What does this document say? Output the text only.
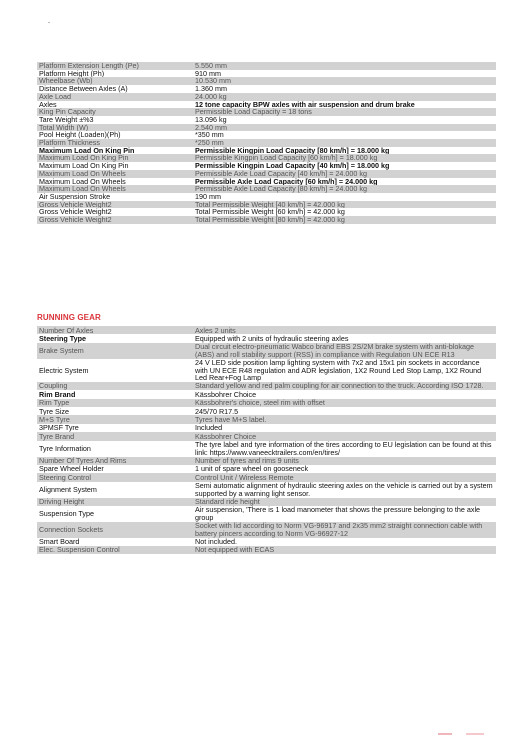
Platform Extension Length (Pe)	5.550 mm
Platform Height (Ph)	910 mm
Wheelbase (Wb)	10.530 mm
Distance Between Axles (A)	1.360 mm
Axle Load	24.000 kg
Axles	12 tone capacity BPW axles with air suspension and drum brake
King Pin Capacity	Permissible Load Capacity = 18 tons
Tare Weight ±%3	13.096 kg
Total Width (W)	2.540 mm
Pool Height (Loaden)(Ph)	*350 mm
Platform Thickness	*250 mm
Maximum Load On King Pin	Permissible Kingpin Load Capacity [80 km/h] = 18.000 kg
Maximum Load On King Pin	Permissible Kingpin Load Capacity [60 km/h] = 18.000 kg
Maximum Load On King Pin	Permissible Kingpin Load Capacity [40 km/h] = 18.000 kg
Maximum Load On Wheels	Permissible Axle Load Capacity [40 km/h] = 24.000 kg
Maximum Load On Wheels	Permissible Axle Load Capacity [60 km/h] = 24.000 kg
Maximum Load On Wheels	Permissible Axle Load Capacity [80 km/h] = 24.000 kg
Air Suspension Stroke	190 mm
Gross Vehicle Weight2	Total Permissible Weight [40 km/h] = 42.000 kg
Gross Vehicle Weight2	Total Permissible Weight [60 km/h] = 42.000 kg
Gross Vehicle Weight2	Total Permissible Weight [80 km/h] = 42.000 kg
RUNNING GEAR
Number Of Axles	Axles 2 units
Steering Type	Equipped with 2 units of hydraulic steering axles
Brake System	Dual circuit electro-pneumatic Wabco brand EBS 2S/2M brake system with anti-blokage (ABS) and roll stability support (RSS) in compliance with Regulation UN ECE R13
Electric System	24 V LED side position lamp lighting system with 7x2 and 15x1 pin sockets in accordance with UN ECE R48 regulation and ADR legislation, 1X2 Round Led Stop Lamp, 1X2 Round Led Rear+Fog Lamp
Coupling	Standard yellow and red palm coupling for air connection to the truck. According ISO 1728.
Rim Brand	Kässbohrer Choice
Rim Type	Kässbohrer's choice, steel rim with offset
Tyre Size	245/70 R17.5
M+S Tyre	Tyres have M+S label.
3PMSF Tyre	Included
Tyre Brand	Kässbohrer Choice
Tyre Information	The tyre label and tyre information of the tires according to EU legislation can be found at this link: https://www.vaneecktrailers.com/en/tires/
Number Of Tyres And Rims	Number of tyres and rims 9 units
Spare Wheel Holder	1 unit of spare wheel on gooseneck
Steering Control	Control Unit / Wireless Remote
Alignment System	Semi automatic alignment of hydraulic steering axles on the vehicle is carried out by a system supported by a warning light sensor.
Driving Height	Standard ride height
Suspension Type	Air suspension, 'There is 1 load manometer that shows the pressure belonging to the axle group
Connection Sockets	Socket with lid according to Norm VG-96917 and 2x35 mm2 straight connection cable with battery pincers according to Norm VG-96927-12
Smart Board	Not included.
Elec. Suspension Control	Not equipped with ECAS
